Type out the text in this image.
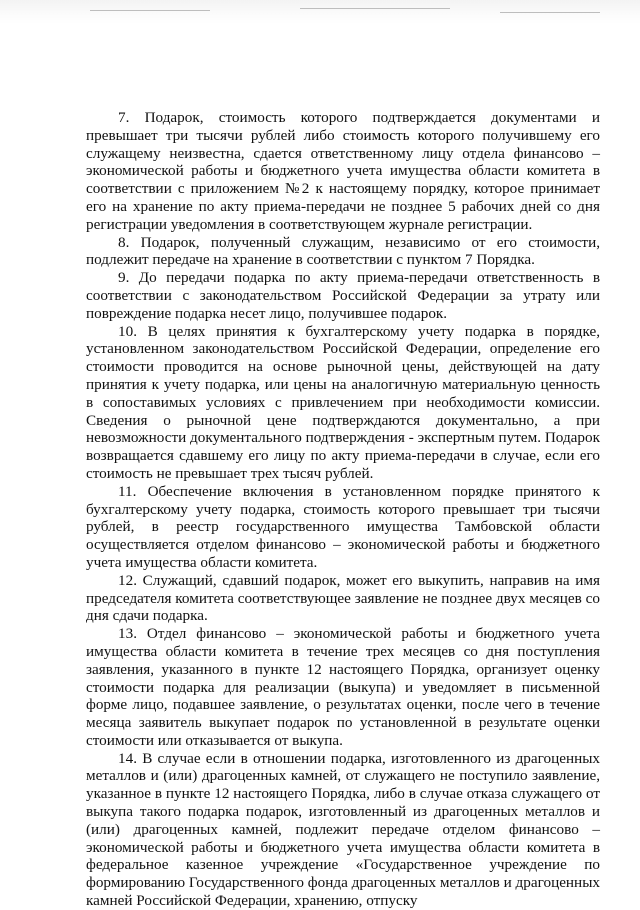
7. Подарок, стоимость которого подтверждается документами и превышает три тысячи рублей либо стоимость которого получившему его служащему неизвестна, сдается ответственному лицу отдела финансово – экономической работы и бюджетного учета имущества области комитета в соответствии с приложением №2 к настоящему порядку, которое принимает его на хранение по акту приема-передачи не позднее 5 рабочих дней со дня регистрации уведомления в соответствующем журнале регистрации.

8. Подарок, полученный служащим, независимо от его стоимости, подлежит передаче на хранение в соответствии с пунктом 7 Порядка.

9. До передачи подарка по акту приема-передачи ответственность в соответствии с законодательством Российской Федерации за утрату или повреждение подарка несет лицо, получившее подарок.

10. В целях принятия к бухгалтерскому учету подарка в порядке, установленном законодательством Российской Федерации, определение его стоимости проводится на основе рыночной цены, действующей на дату принятия к учету подарка, или цены на аналогичную материальную ценность в сопоставимых условиях с привлечением при необходимости комиссии. Сведения о рыночной цене подтверждаются документально, а при невозможности документального подтверждения - экспертным путем. Подарок возвращается сдавшему его лицу по акту приема-передачи в случае, если его стоимость не превышает трех тысяч рублей.

11. Обеспечение включения в установленном порядке принятого к бухгалтерскому учету подарка, стоимость которого превышает три тысячи рублей, в реестр государственного имущества Тамбовской области осуществляется отделом финансово – экономической работы и бюджетного учета имущества области комитета.

12. Служащий, сдавший подарок, может его выкупить, направив на имя председателя комитета соответствующее заявление не позднее двух месяцев со дня сдачи подарка.

13. Отдел финансово – экономической работы и бюджетного учета имущества области комитета в течение трех месяцев со дня поступления заявления, указанного в пункте 12 настоящего Порядка, организует оценку стоимости подарка для реализации (выкупа) и уведомляет в письменной форме лицо, подавшее заявление, о результатах оценки, после чего в течение месяца заявитель выкупает подарок по установленной в результате оценки стоимости или отказывается от выкупа.

14. В случае если в отношении подарка, изготовленного из драгоценных металлов и (или) драгоценных камней, от служащего не поступило заявление, указанное в пункте 12 настоящего Порядка, либо в случае отказа служащего от выкупа такого подарка подарок, изготовленный из драгоценных металлов и (или) драгоценных камней, подлежит передаче отделом финансово – экономической работы и бюджетного учета имущества области комитета в федеральное казенное учреждение «Государственное учреждение по формированию Государственного фонда драгоценных металлов и драгоценных камней Российской Федерации, хранению, отпуску
